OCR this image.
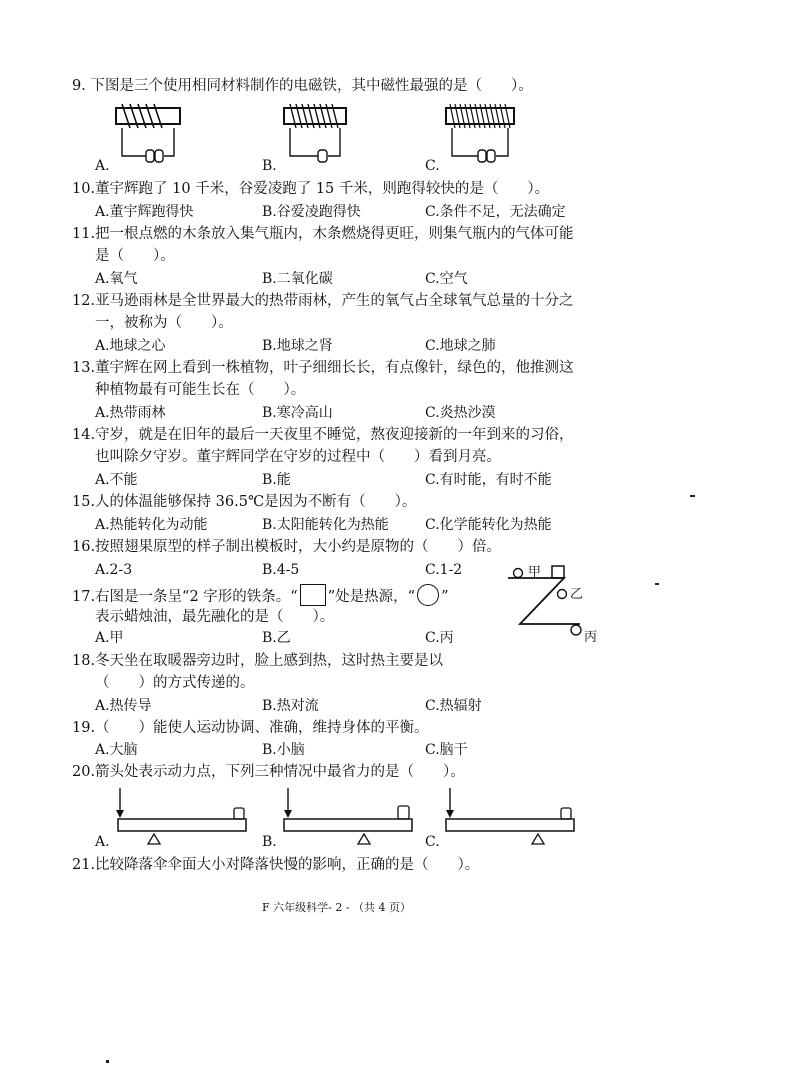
9. 下图是三个使用相同材料制作的电磁铁，其中磁性最强的是（　　）。
A.	B.	C.
10.董宇辉跑了 10 千米，谷爱凌跑了 15 千米，则跑得较快的是（　　）。
A.董宇辉跑得快	B.谷爱凌跑得快	C.条件不足，无法确定
11.把一根点燃的木条放入集气瓶内，木条燃烧得更旺，则集气瓶内的气体可能
是（　　）。
A.氧气	B.二氧化碳	C.空气
12.亚马逊雨林是全世界最大的热带雨林，产生的氧气占全球氧气总量的十分之
一，被称为（　　）。
A.地球之心	B.地球之肾	C.地球之肺
13.董宇辉在网上看到一株植物，叶子细细长长，有点像针，绿色的，他推测这
种植物最有可能生长在（　　）。
A.热带雨林	B.寒冷高山	C.炎热沙漠
14.守岁，就是在旧年的最后一天夜里不睡觉，熬夜迎接新的一年到来的习俗，
也叫除夕守岁。董宇辉同学在守岁的过程中（　　）看到月亮。
A.不能	B.能	C.有时能，有时不能
15.人的体温能够保持 36.5℃是因为不断有（　　）。
A.热能转化为动能	B.太阳能转化为热能	C.化学能转化为热能
16.按照翅果原型的样子制出模板时，大小约是原物的（　　）倍。
A.2-3	B.4-5	C.1-2
17.右图是一条呈“2 字形的铁条。“ ”处是热源，“ ”
表示蜡烛油，最先融化的是（　　）。
A.甲	B.乙	C.丙
甲
乙
丙
18.冬天坐在取暖器旁边时，脸上感到热，这时热主要是以
（　　）的方式传递的。
A.热传导	B.热对流	C.热辐射
19.（　　）能使人运动协调、准确，维持身体的平衡。
A.大脑	B.小脑	C.脑干
20.箭头处表示动力点，下列三种情况中最省力的是（　　）。
A.	B.	C.
21.比较降落伞伞面大小对降落快慢的影响，正确的是（　　）。
F 六年级科学- 2 - （共 4 页）
